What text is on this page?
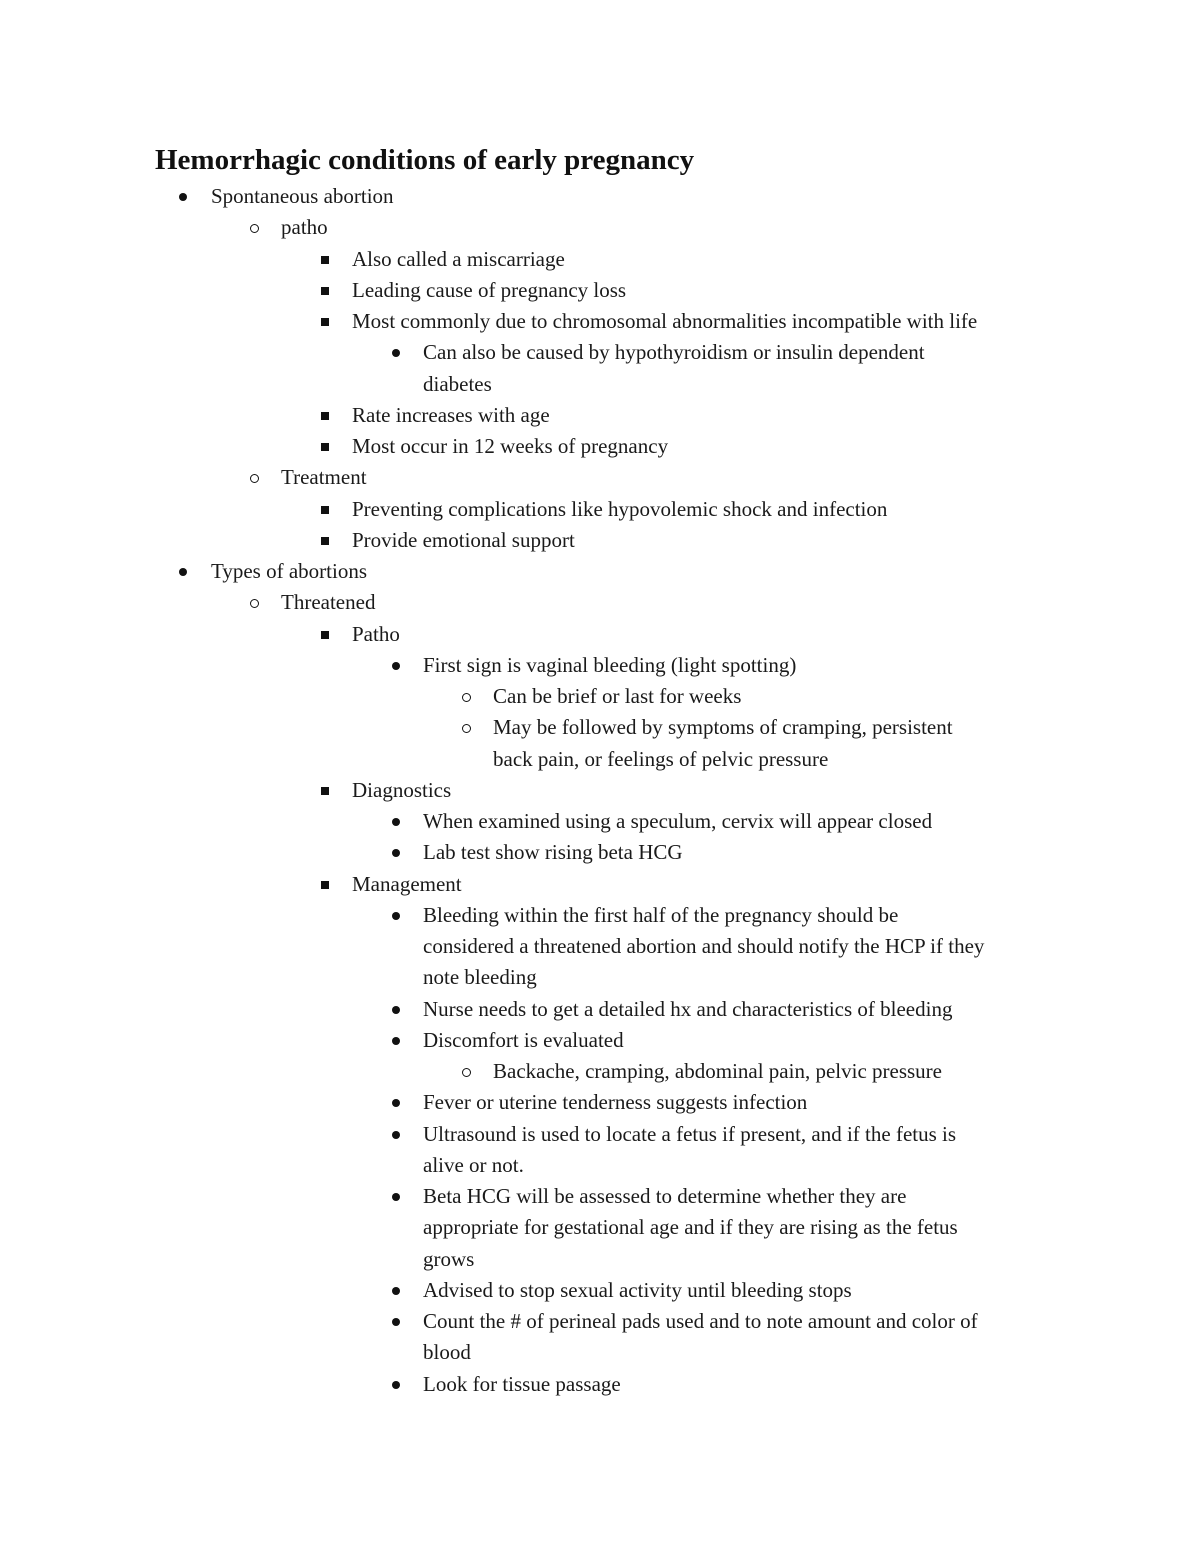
Hemorrhagic conditions of early pregnancy
Spontaneous abortion
patho
Also called a miscarriage
Leading cause of pregnancy loss
Most commonly due to chromosomal abnormalities incompatible with life
Can also be caused by hypothyroidism or insulin dependent
diabetes
Rate increases with age
Most occur in 12 weeks of pregnancy
Treatment
Preventing complications like hypovolemic shock and infection
Provide emotional support
Types of abortions
Threatened
Patho
First sign is vaginal bleeding (light spotting)
Can be brief or last for weeks
May be followed by symptoms of cramping, persistent
back pain, or feelings of pelvic pressure
Diagnostics
When examined using a speculum, cervix will appear closed
Lab test show rising beta HCG
Management
Bleeding within the first half of the pregnancy should be
considered a threatened abortion and should notify the HCP if they
note bleeding
Nurse needs to get a detailed hx and characteristics of bleeding
Discomfort is evaluated
Backache, cramping, abdominal pain, pelvic pressure
Fever or uterine tenderness suggests infection
Ultrasound is used to locate a fetus if present, and if the fetus is
alive or not.
Beta HCG will be assessed to determine whether they are
appropriate for gestational age and if they are rising as the fetus
grows
Advised to stop sexual activity until bleeding stops
Count the # of perineal pads used and to note amount and color of
blood
Look for tissue passage
